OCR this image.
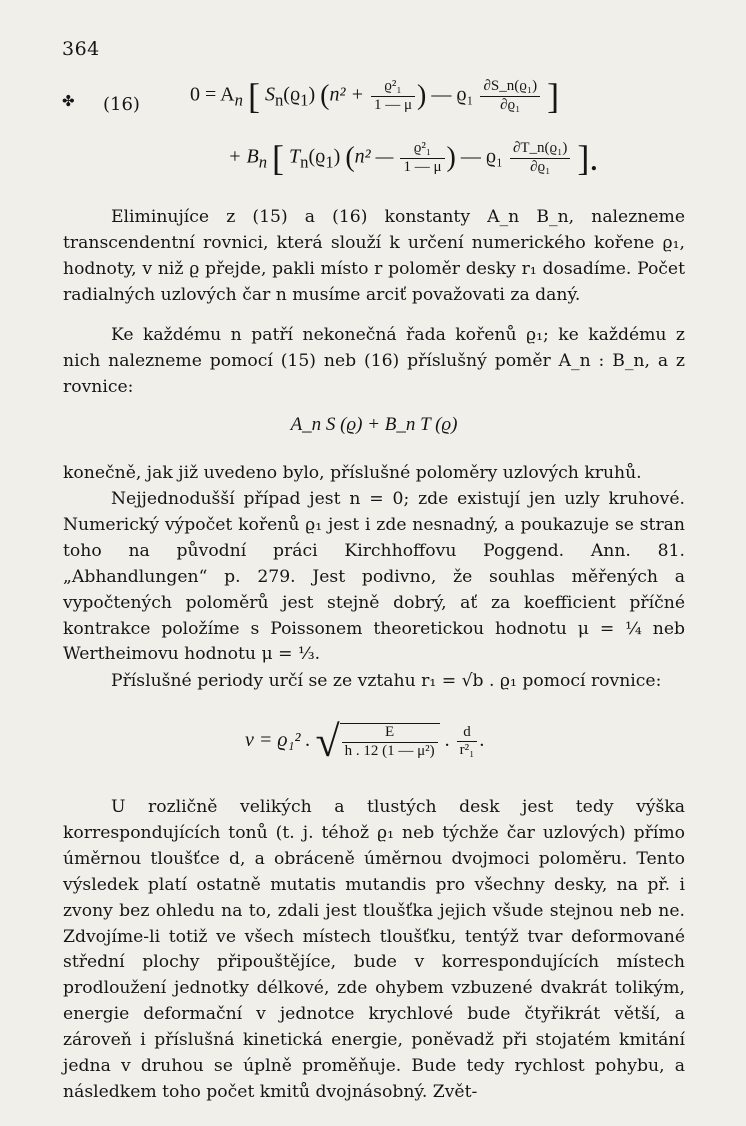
364
✤ (16)	$0 = A_n$ [ $S_n(ϱ_1) (n^2 + \frac{\text{ϱ²₁}}{1 — \mu}$ ) — $ϱ_1 \frac{\text{∂S\_n(ϱ₁)}}{\text{∂ϱ₁}}$ ]
+ $B_n$ [ $T_n(ϱ_1)$ (n² — $\frac{\text{ϱ²₁}}{1 — \mu}$ ) — $ϱ_1 \frac{\text{∂T\_n(ϱ₁)}}{\text{∂ϱ₁}}$ ].

Eliminujíce z (15) a (16) konstanty A_n B_n, nalezneme transcendentní rovnici, která slouží k určení numerického kořene ϱ₁, hodnoty, v niž ϱ přejde, pakli místo r poloměr desky r₁ dosadíme. Počet radialných uzlových čar n musíme arciť považovati za daný.

Ke každému n patří nekonečná řada kořenů ϱ₁; ke každému z nich nalezneme pomocí (15) neb (16) příslušný poměr A_n : B_n, a z rovnice:

A_n S (ϱ) + B_n T (ϱ)

konečně, jak již uvedeno bylo, příslušné poloměry uzlových kruhů.

Nejjednodušší případ jest n = 0; zde existují jen uzly kruhové. Numerický výpočet kořenů ϱ₁ jest i zde nesnadný, a poukazuje se stran toho na původní práci Kirchhoffovu Poggend. Ann. 81. „Abhandlungen“ p. 279. Jest podivno, že souhlas měřených a vypočtených poloměrů jest stejně dobrý, ať za koefficient příčné kontrakce položíme s Poissonem theoretickou hodnotu μ = ¼ neb Wertheimovu hodnotu μ = ⅓.

Příslušné periody určí se ze vztahu r₁ = √b . ϱ₁ pomocí rovnice:

ν = ϱ₁² . √ $\frac{E}{\text{h . 12 (1 — μ²)}}$ . $\frac{d}{\text{r²₁}}$ .

U rozličně velikých a tlustých desk jest tedy výška korrespondujících tonů (t. j. téhož ϱ₁ neb týchže čar uzlových) přímo úměrnou tloušťce d, a obráceně úměrnou dvojmoci poloměru. Tento výsledek platí ostatně mutatis mutandis pro všechny desky, na př. i zvony bez ohledu na to, zdali jest tloušťka jejich všude stejnou neb ne. Zdvojíme-li totiž ve všech místech tloušťku, tentýž tvar deformované střední plochy připouštějíce, bude v korrespondujících místech prodloužení jednotky délkové, zde ohybem vzbuzené dvakrát tolikým, energie deformační v jednotce krychlové bude čtyřikrát větší, a zároveň i příslušná kinetická energie, poněvadž při stojatém kmitání jedna v druhou se úplně proměňuje. Bude tedy rychlost pohybu, a následkem toho počet kmitů dvojnásobný. Zvět-
